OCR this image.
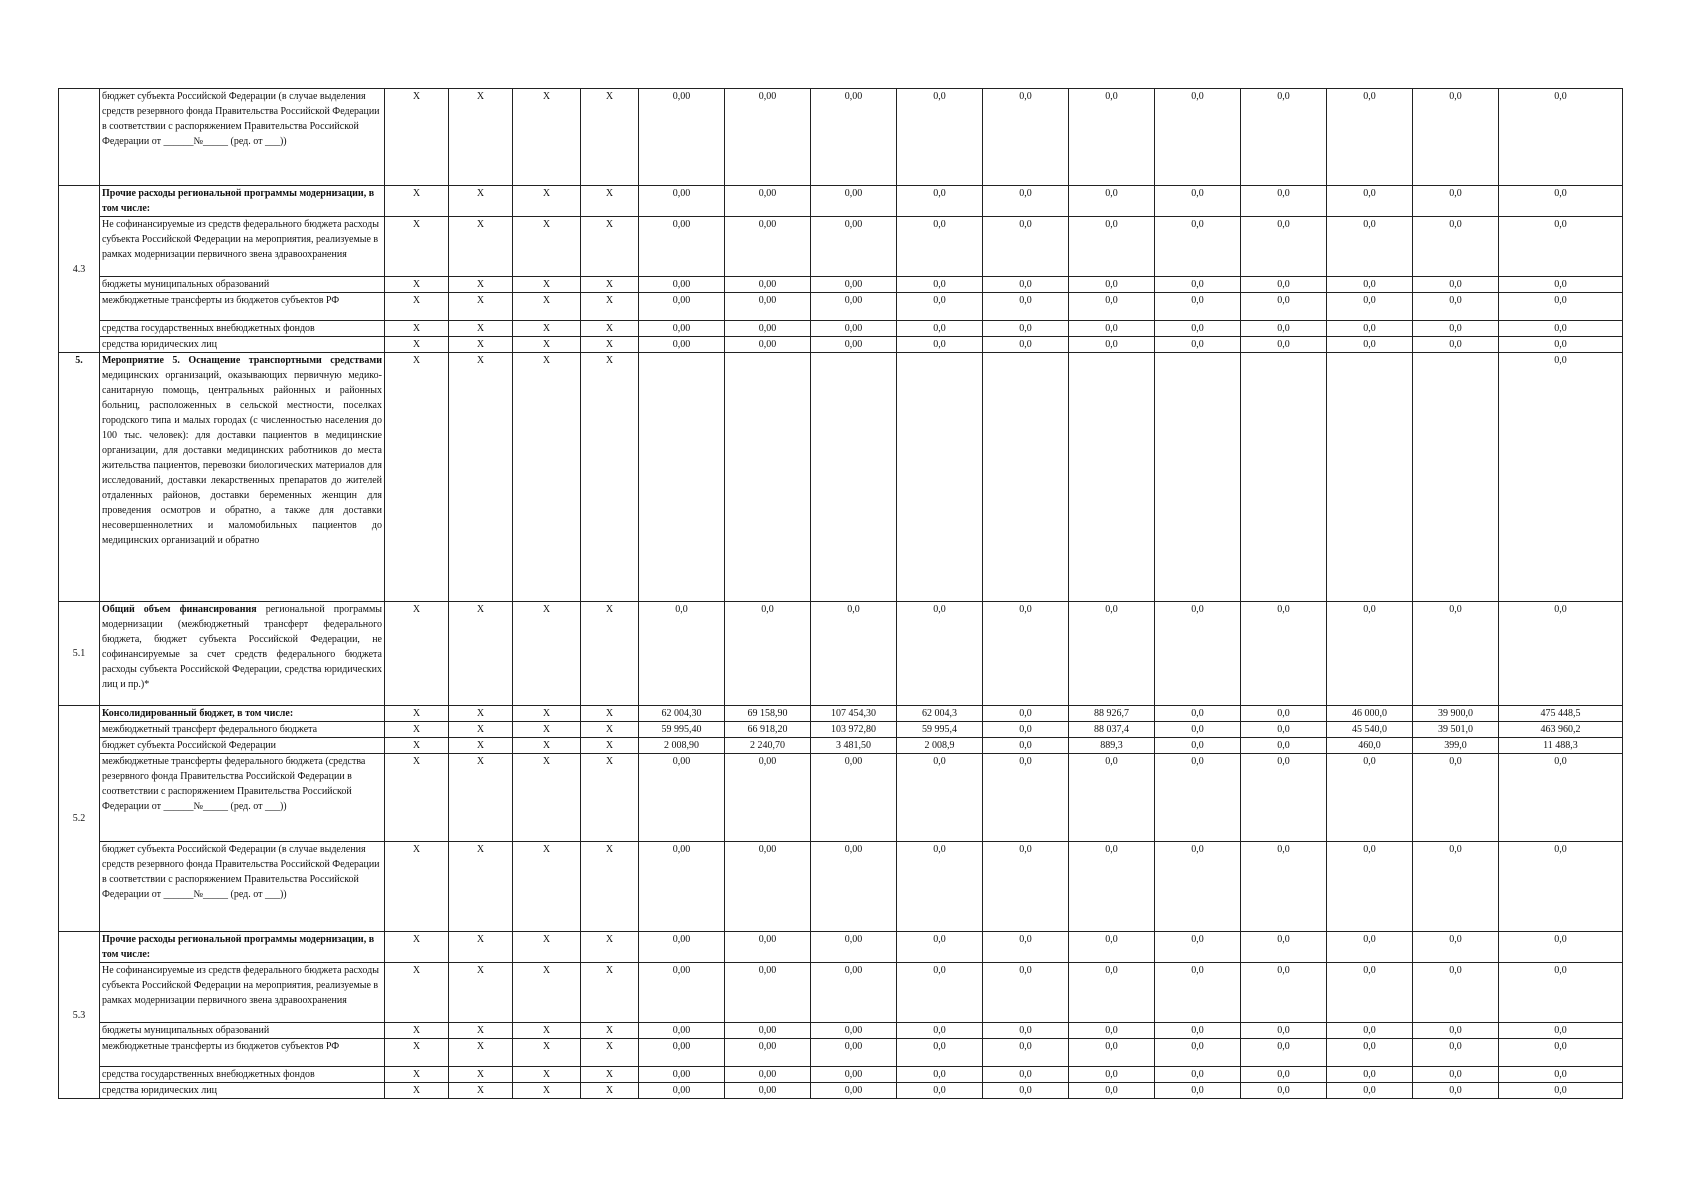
	бюджет субъекта Российской Федерации (в случае выделения средств резервного фонда Правительства Российской Федерации в соответствии с распоряжением Правительства Российской Федерации от ______№_____ (ред. от ___))	X	X	X	X	0,00	0,00	0,00	0,0	0,0	0,0	0,0	0,0	0,0	0,0	0,0
4.3	Прочие расходы региональной программы модернизации, в том числе:	X	X	X	X	0,00	0,00	0,00	0,0	0,0	0,0	0,0	0,0	0,0	0,0	0,0
	Не софинансируемые из средств федерального бюджета расходы субъекта Российской Федерации на мероприятия, реализуемые в рамках модернизации первичного звена здравоохранения	X	X	X	X	0,00	0,00	0,00	0,0	0,0	0,0	0,0	0,0	0,0	0,0	0,0
	бюджеты муниципальных образований	X	X	X	X	0,00	0,00	0,00	0,0	0,0	0,0	0,0	0,0	0,0	0,0	0,0
	межбюджетные трансферты из бюджетов субъектов РФ	X	X	X	X	0,00	0,00	0,00	0,0	0,0	0,0	0,0	0,0	0,0	0,0	0,0
	средства государственных внебюджетных фондов	X	X	X	X	0,00	0,00	0,00	0,0	0,0	0,0	0,0	0,0	0,0	0,0	0,0
	средства юридических лиц	X	X	X	X	0,00	0,00	0,00	0,0	0,0	0,0	0,0	0,0	0,0	0,0	0,0
5.	Мероприятие 5. Оснащение транспортными средствами медицинских организаций, оказывающих первичную медико-санитарную помощь, центральных районных и районных больниц, расположенных в сельской местности, поселках городского типа и малых городах (с численностью населения до 100 тыс. человек): для доставки пациентов в медицинские организации, для доставки медицинских работников до места жительства пациентов, перевозки биологических материалов для исследований, доставки лекарственных препаратов до жителей отдаленных районов, доставки беременных женщин для проведения осмотров и обратно, а также для доставки несовершеннолетних и маломобильных пациентов до медицинских организаций и обратно	X	X	X	X											0,0
5.1	Общий объем финансирования региональной программы модернизации (межбюджетный трансферт федерального бюджета, бюджет субъекта Российской Федерации, не софинансируемые за счет средств федерального бюджета расходы субъекта Российской Федерации, средства юридических лиц и пр.)*	X	X	X	X	0,0	0,0	0,0	0,0	0,0	0,0	0,0	0,0	0,0	0,0	0,0
5.2	Консолидированный бюджет, в том числе:	X	X	X	X	62 004,30	69 158,90	107 454,30	62 004,3	0,0	88 926,7	0,0	0,0	46 000,0	39 900,0	475 448,5
	межбюджетный трансферт федерального бюджета	X	X	X	X	59 995,40	66 918,20	103 972,80	59 995,4	0,0	88 037,4	0,0	0,0	45 540,0	39 501,0	463 960,2
	бюджет субъекта Российской Федерации	X	X	X	X	2 008,90	2 240,70	3 481,50	2 008,9	0,0	889,3	0,0	0,0	460,0	399,0	11 488,3
	межбюджетные трансферты федерального бюджета (средства резервного фонда Правительства Российской Федерации в соответствии с распоряжением Правительства Российской Федерации от ______№_____ (ред. от ___))	X	X	X	X	0,00	0,00	0,00	0,0	0,0	0,0	0,0	0,0	0,0	0,0	0,0
	бюджет субъекта Российской Федерации (в случае выделения средств резервного фонда Правительства Российской Федерации в соответствии с распоряжением Правительства Российской Федерации от ______№_____ (ред. от ___))	X	X	X	X	0,00	0,00	0,00	0,0	0,0	0,0	0,0	0,0	0,0	0,0	0,0
5.3	Прочие расходы региональной программы модернизации, в том числе:	X	X	X	X	0,00	0,00	0,00	0,0	0,0	0,0	0,0	0,0	0,0	0,0	0,0
	Не софинансируемые из средств федерального бюджета расходы субъекта Российской Федерации на мероприятия, реализуемые в рамках модернизации первичного звена здравоохранения	X	X	X	X	0,00	0,00	0,00	0,0	0,0	0,0	0,0	0,0	0,0	0,0	0,0
	бюджеты муниципальных образований	X	X	X	X	0,00	0,00	0,00	0,0	0,0	0,0	0,0	0,0	0,0	0,0	0,0
	межбюджетные трансферты из бюджетов субъектов РФ	X	X	X	X	0,00	0,00	0,00	0,0	0,0	0,0	0,0	0,0	0,0	0,0	0,0
	средства государственных внебюджетных фондов	X	X	X	X	0,00	0,00	0,00	0,0	0,0	0,0	0,0	0,0	0,0	0,0	0,0
	средства юридических лиц	X	X	X	X	0,00	0,00	0,00	0,0	0,0	0,0	0,0	0,0	0,0	0,0	0,0
